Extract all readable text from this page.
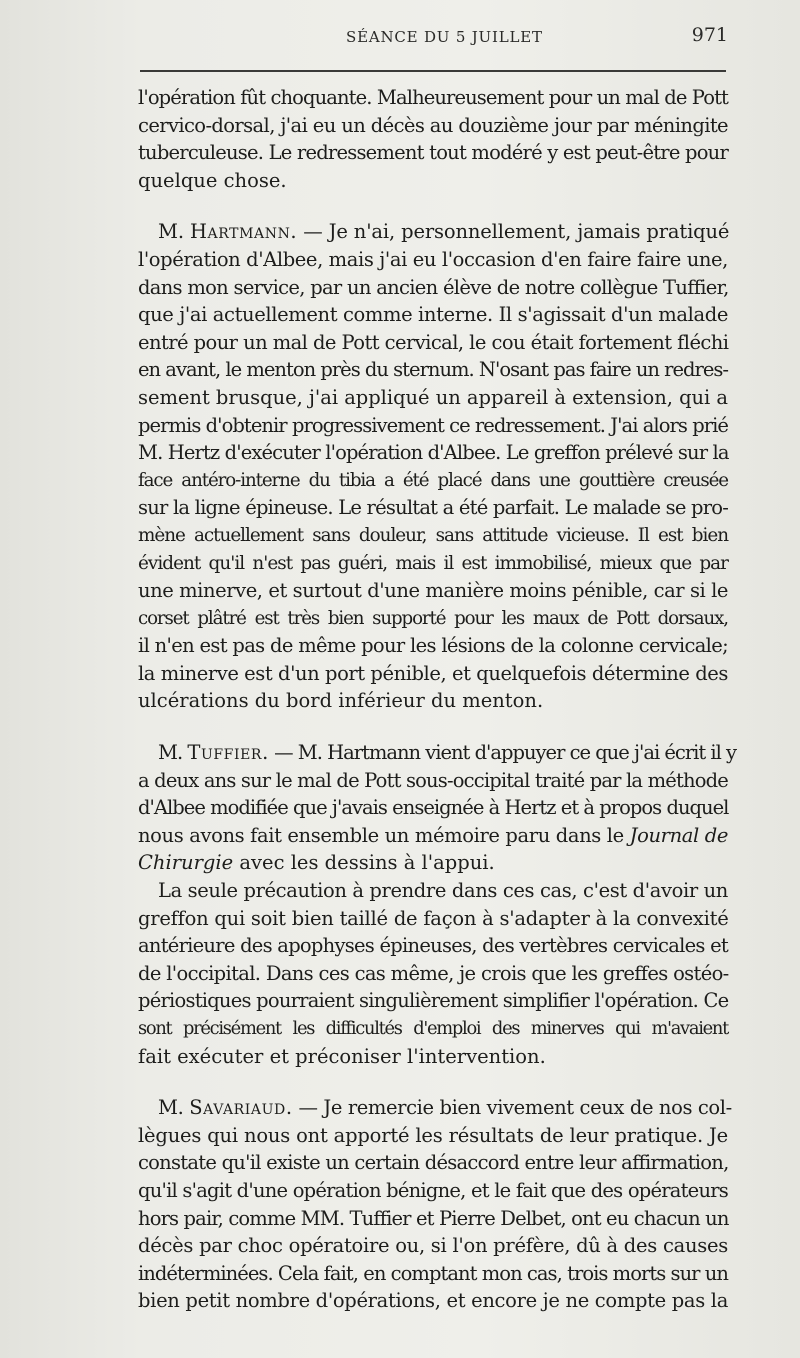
SÉANCE DU 5 JUILLET	971
l'opération fût choquante. Malheureusement pour un mal de Pott
cervico-dorsal, j'ai eu un décès au douzième jour par méningite
tuberculeuse. Le redressement tout modéré y est peut-être pour
quelque chose.
M. Hartmann. — Je n'ai, personnellement, jamais pratiqué
l'opération d'Albee, mais j'ai eu l'occasion d'en faire faire une,
dans mon service, par un ancien élève de notre collègue Tuffier,
que j'ai actuellement comme interne. Il s'agissait d'un malade
entré pour un mal de Pott cervical, le cou était fortement fléchi
en avant, le menton près du sternum. N'osant pas faire un redres-
sement brusque, j'ai appliqué un appareil à extension, qui a
permis d'obtenir progressivement ce redressement. J'ai alors prié
M. Hertz d'exécuter l'opération d'Albee. Le greffon prélevé sur la
face antéro-interne du tibia a été placé dans une gouttière creusée
sur la ligne épineuse. Le résultat a été parfait. Le malade se pro-
mène actuellement sans douleur, sans attitude vicieuse. Il est bien
évident qu'il n'est pas guéri, mais il est immobilisé, mieux que par
une minerve, et surtout d'une manière moins pénible, car si le
corset plâtré est très bien supporté pour les maux de Pott dorsaux,
il n'en est pas de même pour les lésions de la colonne cervicale;
la minerve est d'un port pénible, et quelquefois détermine des
ulcérations du bord inférieur du menton.
M. Tuffier. — M. Hartmann vient d'appuyer ce que j'ai écrit il y
a deux ans sur le mal de Pott sous-occipital traité par la méthode
d'Albee modifiée que j'avais enseignée à Hertz et à propos duquel
nous avons fait ensemble un mémoire paru dans le Journal de
Chirurgie avec les dessins à l'appui.
La seule précaution à prendre dans ces cas, c'est d'avoir un
greffon qui soit bien taillé de façon à s'adapter à la convexité
antérieure des apophyses épineuses, des vertèbres cervicales et
de l'occipital. Dans ces cas même, je crois que les greffes ostéo-
périostiques pourraient singulièrement simplifier l'opération. Ce
sont précisément les difficultés d'emploi des minerves qui m'avaient
fait exécuter et préconiser l'intervention.
M. Savariaud. — Je remercie bien vivement ceux de nos col-
lègues qui nous ont apporté les résultats de leur pratique. Je
constate qu'il existe un certain désaccord entre leur affirmation,
qu'il s'agit d'une opération bénigne, et le fait que des opérateurs
hors pair, comme MM. Tuffier et Pierre Delbet, ont eu chacun un
décès par choc opératoire ou, si l'on préfère, dû à des causes
indéterminées. Cela fait, en comptant mon cas, trois morts sur un
bien petit nombre d'opérations, et encore je ne compte pas la
